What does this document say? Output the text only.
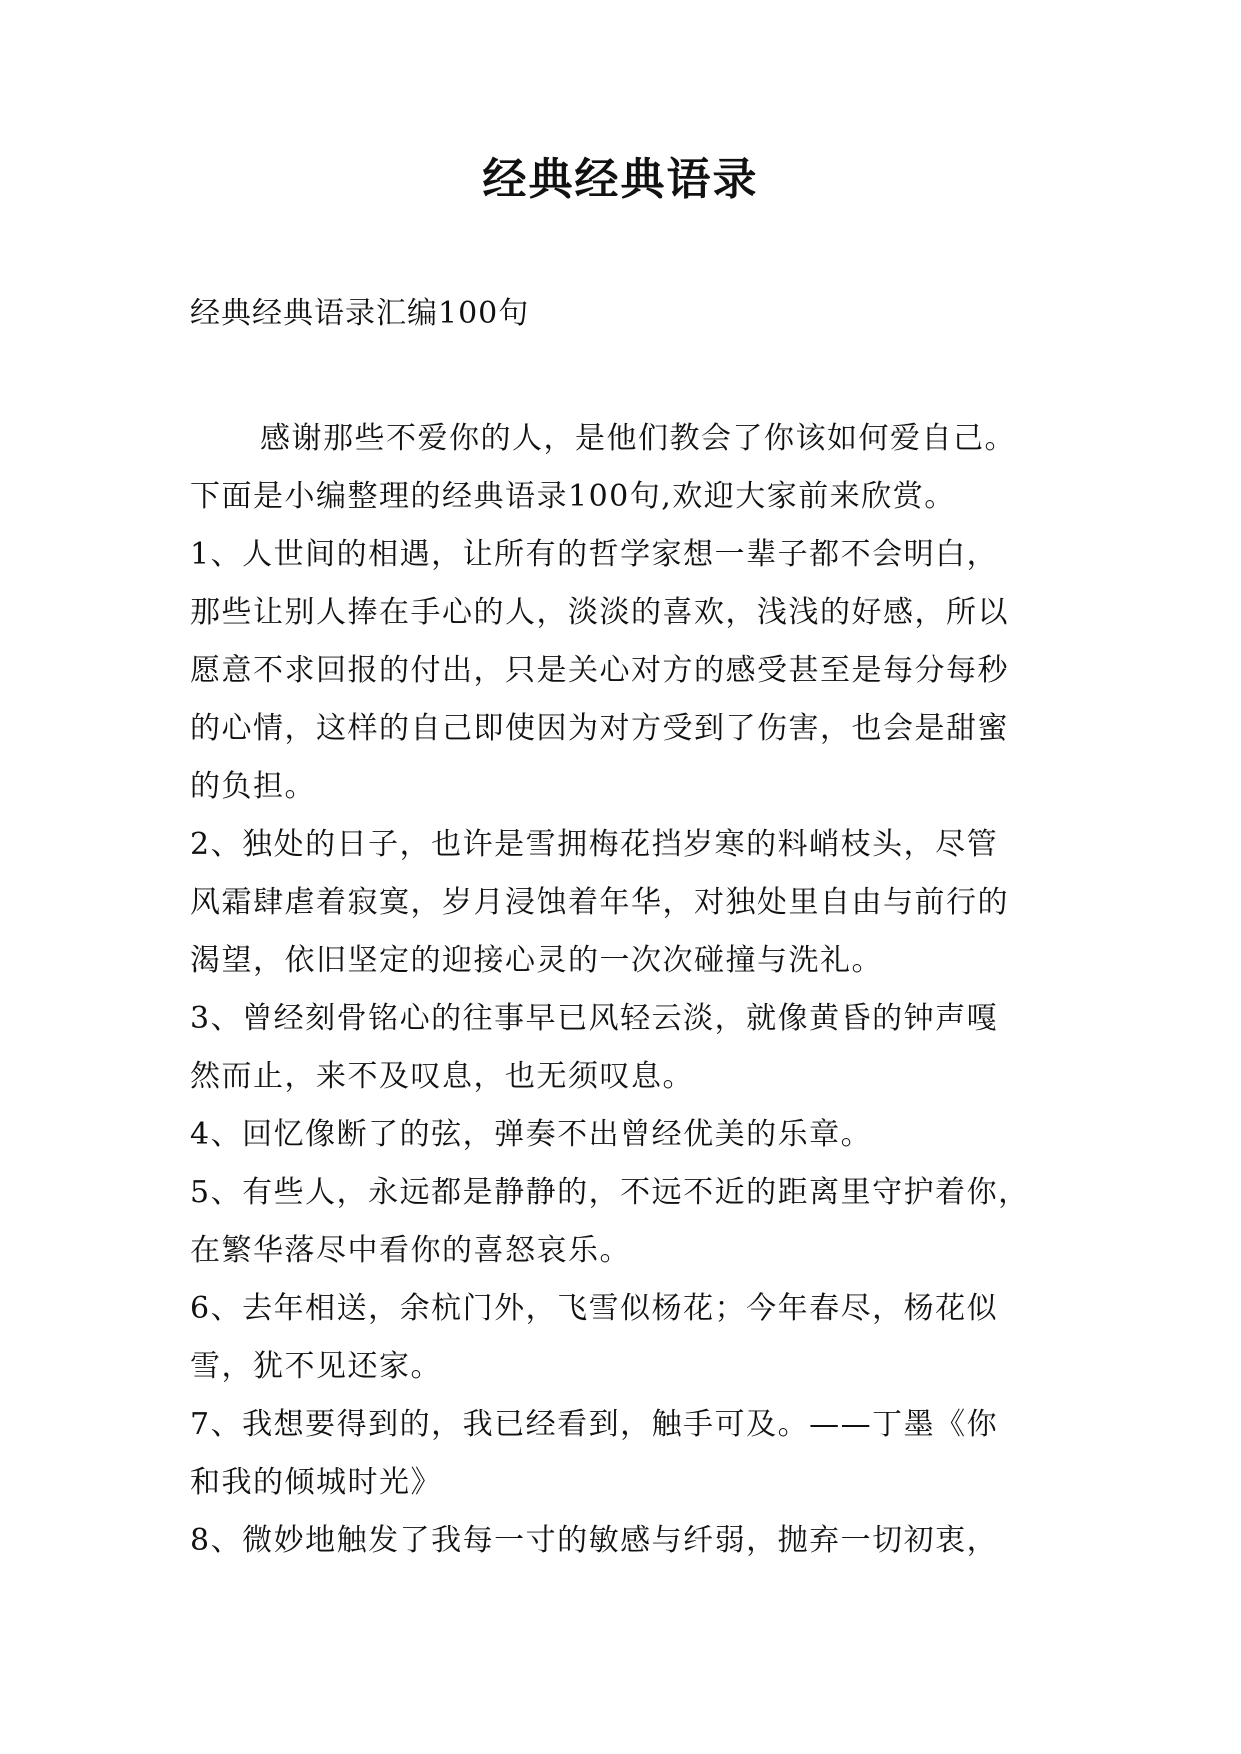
经典经典语录

经典经典语录汇编100句

感谢那些不爱你的人，是他们教会了你该如何爱自己。

下面是小编整理的经典语录100句,欢迎大家前来欣赏。

1、人世间的相遇，让所有的哲学家想一辈子都不会明白，

那些让别人捧在手心的人，淡淡的喜欢，浅浅的好感，所以

愿意不求回报的付出，只是关心对方的感受甚至是每分每秒

的心情，这样的自己即使因为对方受到了伤害，也会是甜蜜

的负担。

2、独处的日子，也许是雪拥梅花挡岁寒的料峭枝头，尽管

风霜肆虐着寂寞，岁月浸蚀着年华，对独处里自由与前行的

渴望，依旧坚定的迎接心灵的一次次碰撞与洗礼。

3、曾经刻骨铭心的往事早已风轻云淡，就像黄昏的钟声嘎

然而止，来不及叹息，也无须叹息。

4、回忆像断了的弦，弹奏不出曾经优美的乐章。

5、有些人，永远都是静静的，不远不近的距离里守护着你，

在繁华落尽中看你的喜怒哀乐。

6、去年相送，余杭门外，飞雪似杨花；今年春尽，杨花似

雪，犹不见还家。

7、我想要得到的，我已经看到，触手可及。——丁墨《你

和我的倾城时光》

8、微妙地触发了我每一寸的敏感与纤弱，抛弃一切初衷，
